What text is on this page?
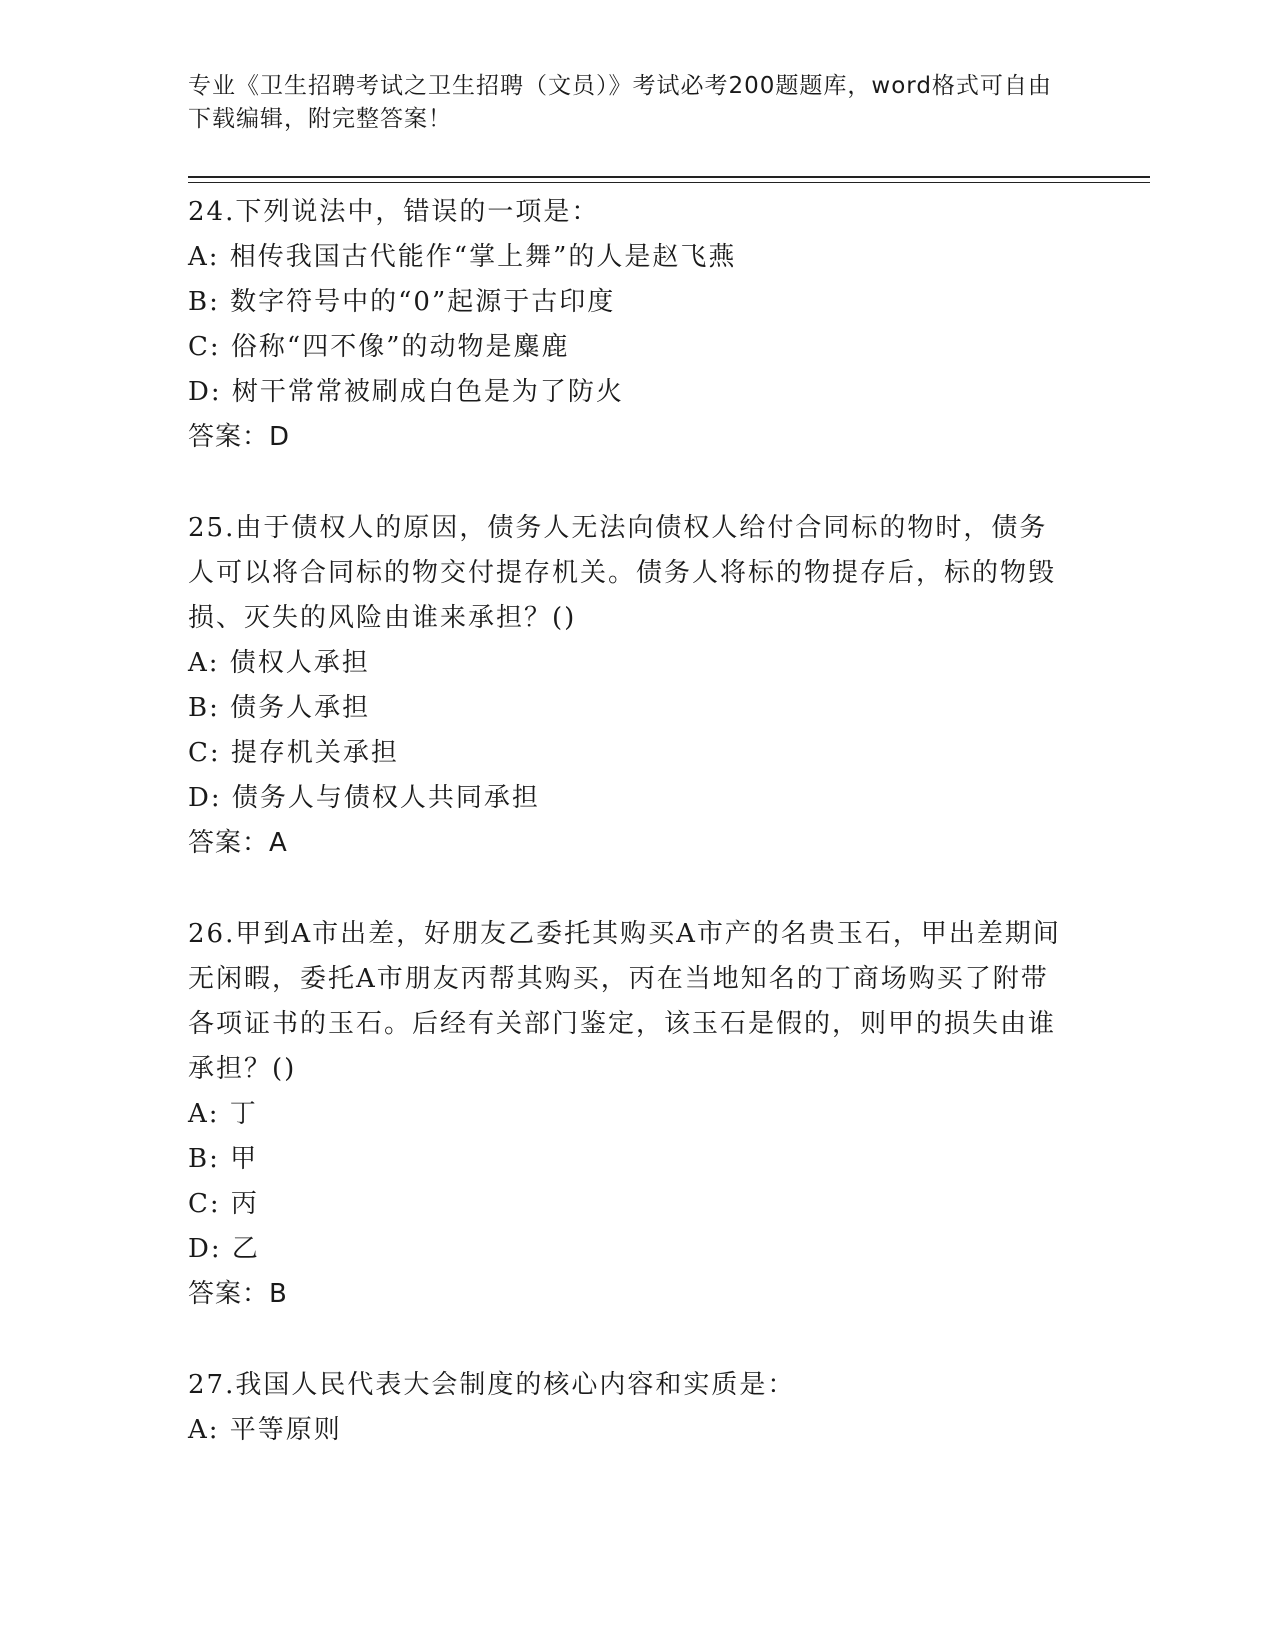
专业《卫生招聘考试之卫生招聘（文员）》考试必考200题题库，word格式可自由下载编辑，附完整答案！

24.下列说法中，错误的一项是：

A: 相传我国古代能作“掌上舞”的人是赵飞燕

B: 数字符号中的“0”起源于古印度

C: 俗称“四不像”的动物是麋鹿

D: 树干常常被刷成白色是为了防火

答案：D

25.由于债权人的原因，债务人无法向债权人给付合同标的物时，债务人可以将合同标的物交付提存机关。债务人将标的物提存后，标的物毁损、灭失的风险由谁来承担？()

A: 债权人承担

B: 债务人承担

C: 提存机关承担

D: 债务人与债权人共同承担

答案：A

26.甲到A市出差，好朋友乙委托其购买A市产的名贵玉石，甲出差期间无闲暇，委托A市朋友丙帮其购买，丙在当地知名的丁商场购买了附带各项证书的玉石。后经有关部门鉴定，该玉石是假的，则甲的损失由谁承担？()

A: 丁

B: 甲

C: 丙

D: 乙

答案：B

27.我国人民代表大会制度的核心内容和实质是：

A: 平等原则
